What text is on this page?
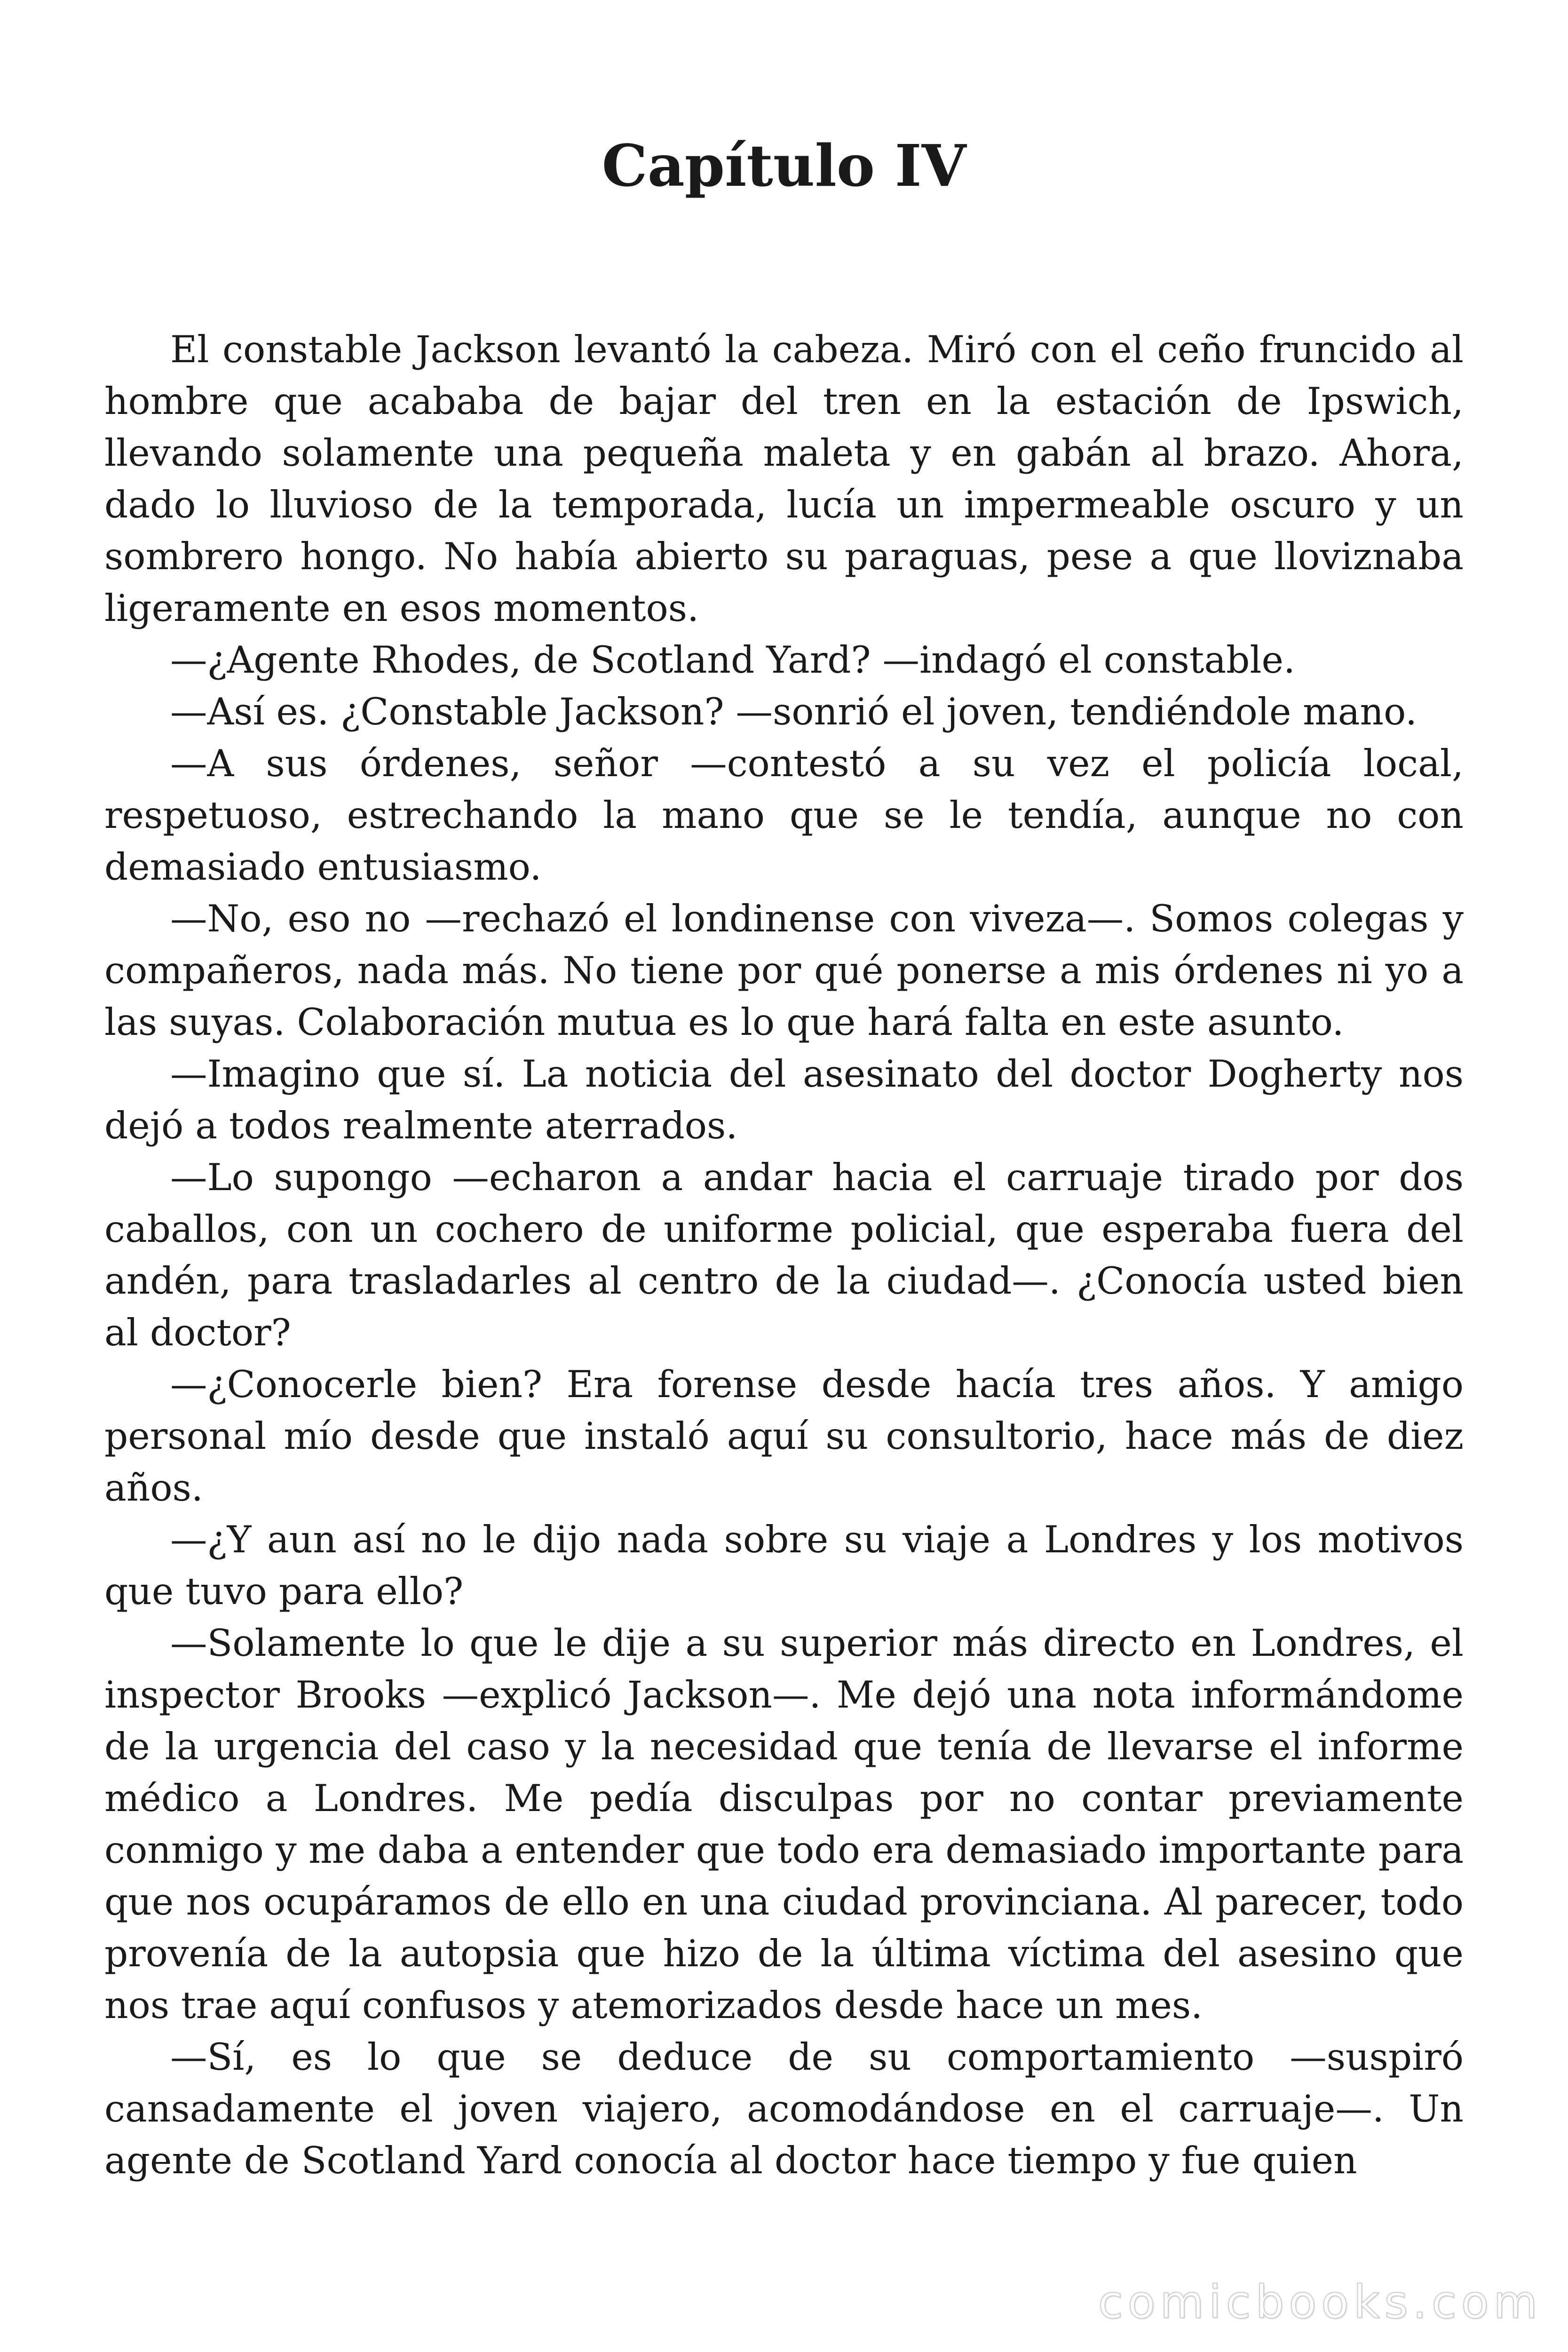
Capítulo IV

El constable Jackson levantó la cabeza. Miró con el ceño fruncido al hombre que acababa de bajar del tren en la estación de Ipswich, llevando solamente una pequeña maleta y en gabán al brazo. Ahora, dado lo lluvioso de la temporada, lucía un impermeable oscuro y un sombrero hongo. No había abierto su paraguas, pese a que lloviznaba ligeramente en esos momentos.

—¿Agente Rhodes, de Scotland Yard? —indagó el constable.

—Así es. ¿Constable Jackson? —sonrió el joven, tendiéndole mano.

—A sus órdenes, señor —contestó a su vez el policía local, respetuoso, estrechando la mano que se le tendía, aunque no con demasiado entusiasmo.

—No, eso no —rechazó el londinense con viveza—. Somos colegas y compañeros, nada más. No tiene por qué ponerse a mis órdenes ni yo a las suyas. Colaboración mutua es lo que hará falta en este asunto.

—Imagino que sí. La noticia del asesinato del doctor Dogherty nos dejó a todos realmente aterrados.

—Lo supongo —echaron a andar hacia el carruaje tirado por dos caballos, con un cochero de uniforme policial, que esperaba fuera del andén, para trasladarles al centro de la ciudad—. ¿Conocía usted bien al doctor?

—¿Conocerle bien? Era forense desde hacía tres años. Y amigo personal mío desde que instaló aquí su consultorio, hace más de diez años.

—¿Y aun así no le dijo nada sobre su viaje a Londres y los motivos que tuvo para ello?

—Solamente lo que le dije a su superior más directo en Londres, el inspector Brooks —explicó Jackson—. Me dejó una nota informándome de la urgencia del caso y la necesidad que tenía de llevarse el informe médico a Londres. Me pedía disculpas por no contar previamente conmigo y me daba a entender que todo era demasiado importante para que nos ocupáramos de ello en una ciudad provinciana. Al parecer, todo provenía de la autopsia que hizo de la última víctima del asesino que nos trae aquí confusos y atemorizados desde hace un mes.

—Sí, es lo que se deduce de su comportamiento —suspiró cansadamente el joven viajero, acomodándose en el carruaje—. Un agente de Scotland Yard conocía al doctor hace tiempo y fue quien

comicbooks.com
